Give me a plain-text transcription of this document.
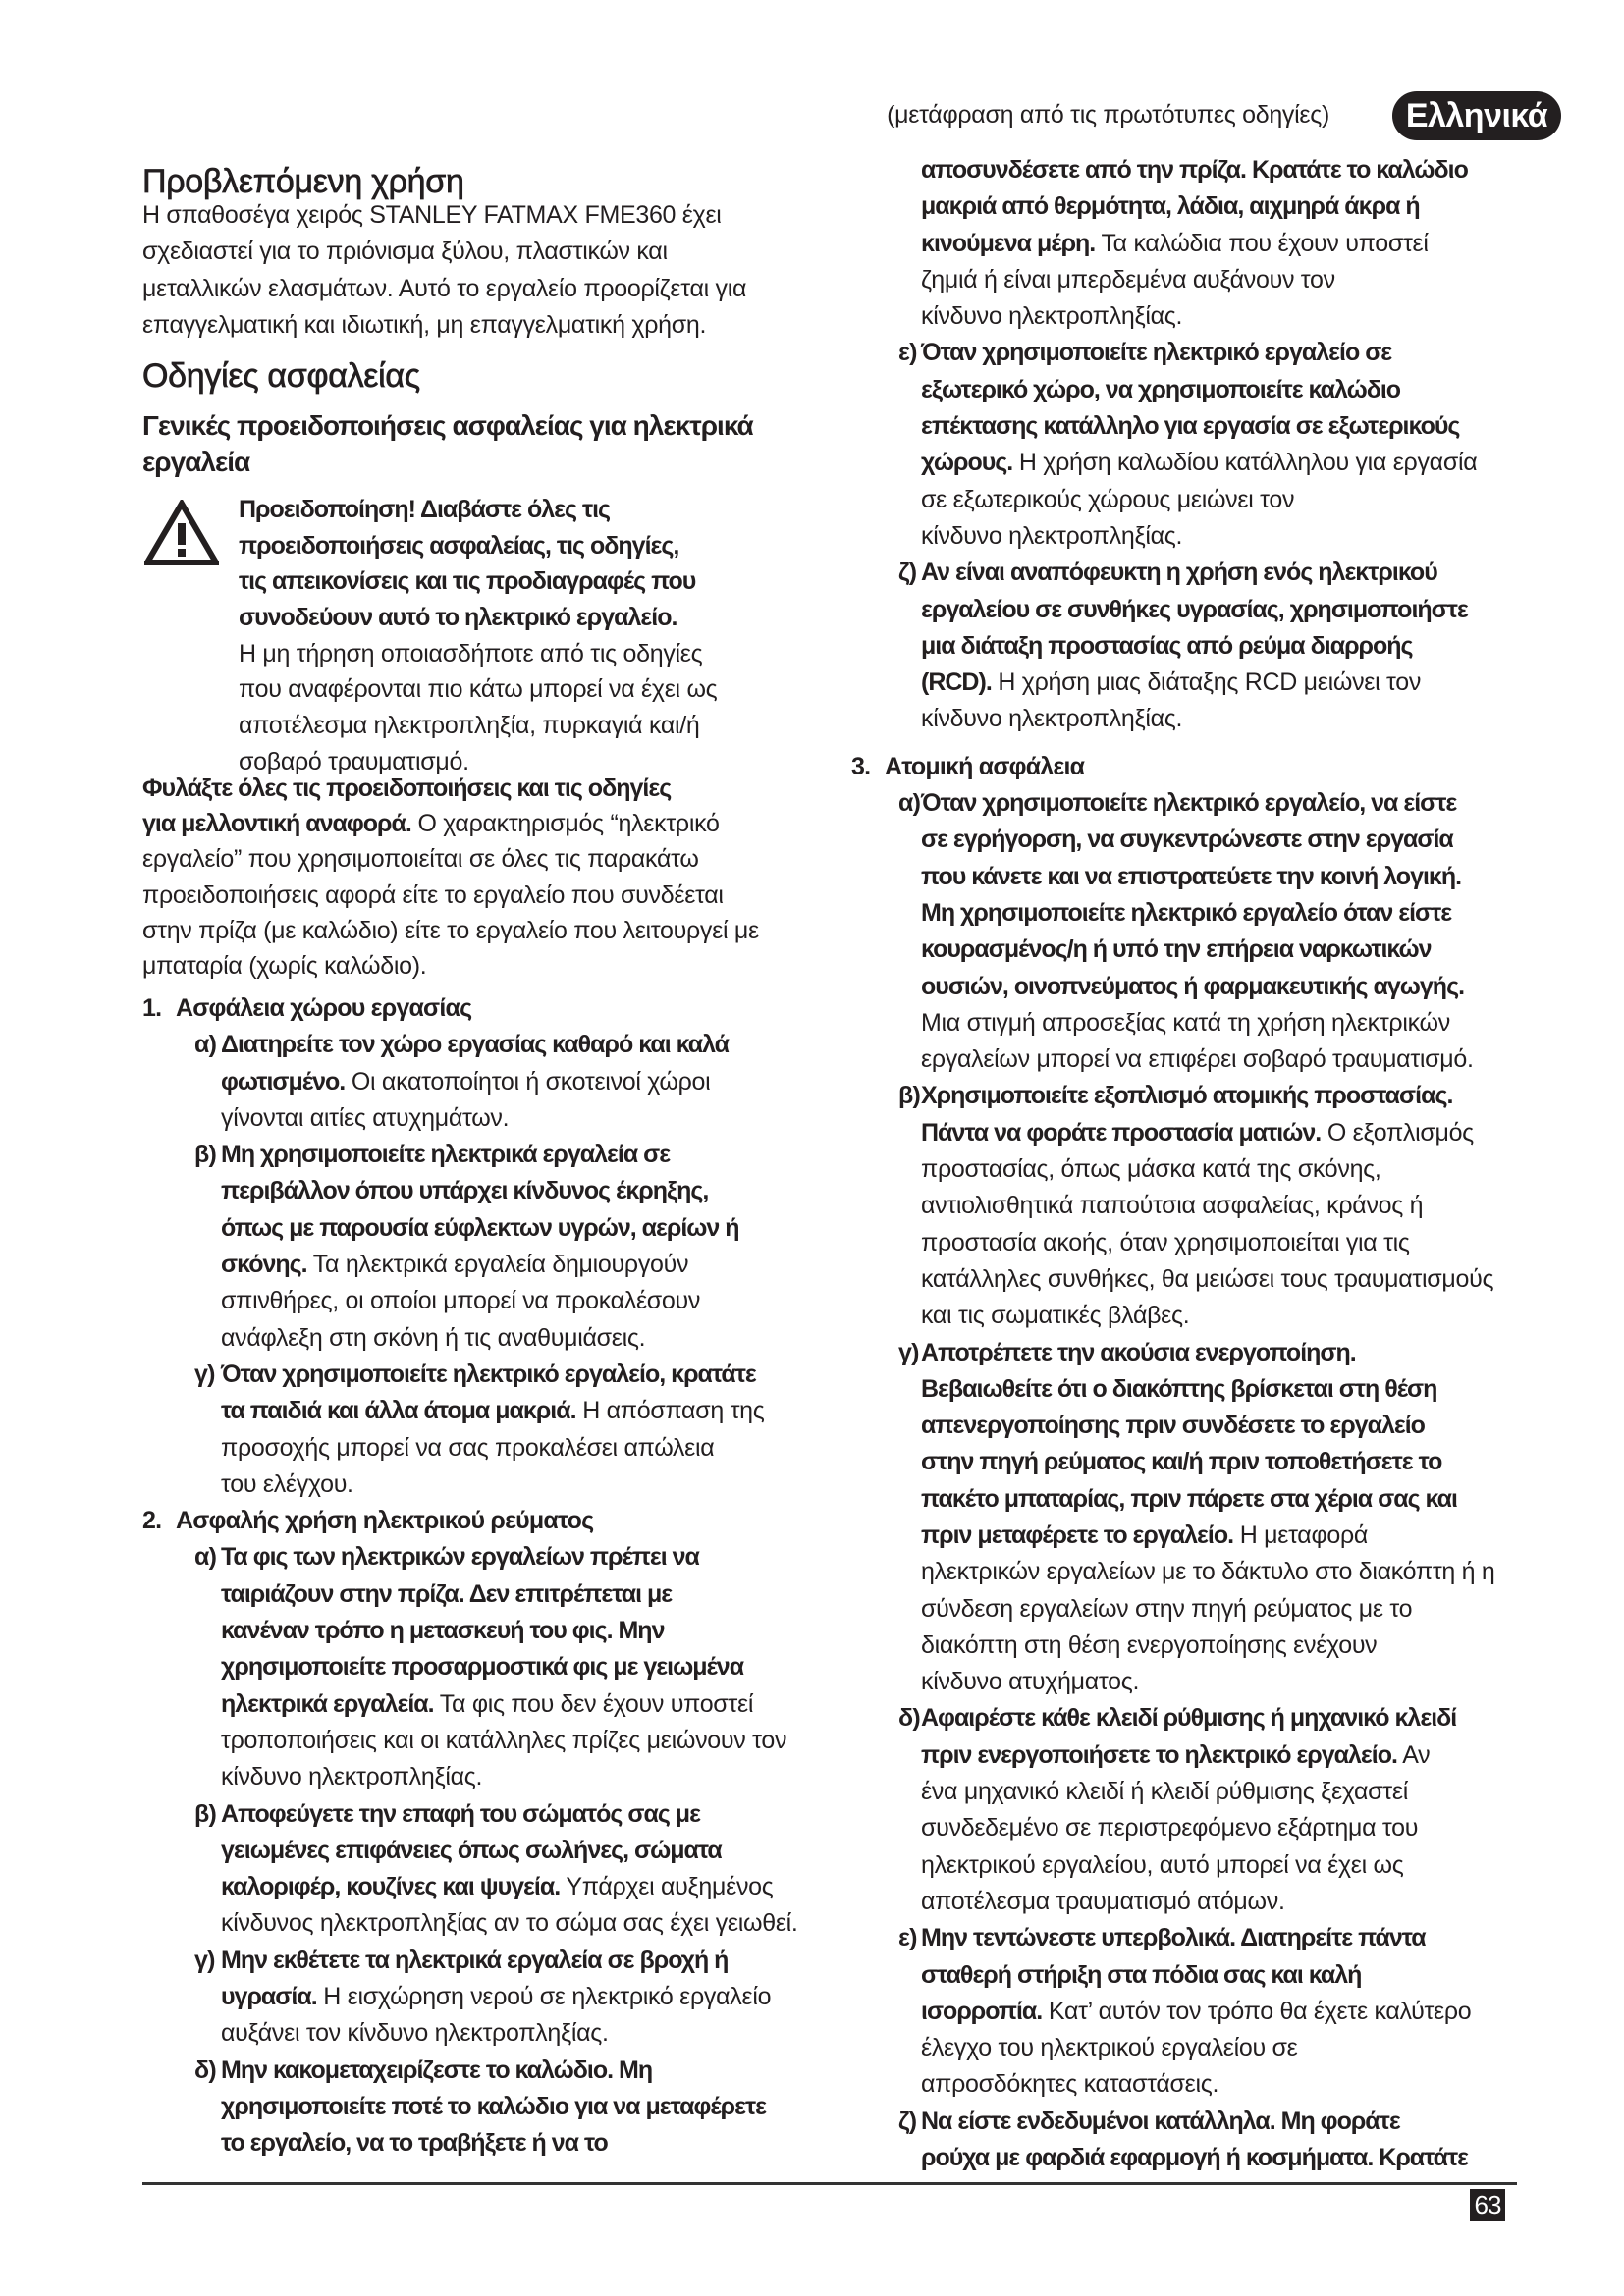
(μετάφραση από τις πρωτότυπες οδηγίες)	Ελληνικά
Προβλεπόμενη χρήση
Η σπαθοσέγα χειρός STANLEY FATMAX FME360 έχει
σχεδιαστεί για το πριόνισμα ξύλου, πλαστικών και
μεταλλικών ελασμάτων. Αυτό το εργαλείο προορίζεται για
επαγγελματική και ιδιωτική, μη επαγγελματική χρήση.
Οδηγίες ασφαλείας
Γενικές προειδοποιήσεις ασφαλείας για ηλεκτρικά
εργαλεία
Προειδοποίηση! Διαβάστε όλες τις
προειδοποιήσεις ασφαλείας, τις οδηγίες,
τις απεικονίσεις και τις προδιαγραφές που
συνοδεύουν αυτό το ηλεκτρικό εργαλείο.
Η μη τήρηση οποιασδήποτε από τις οδηγίες
που αναφέρονται πιο κάτω μπορεί να έχει ως
αποτέλεσμα ηλεκτροπληξία, πυρκαγιά και/ή
σοβαρό τραυματισμό.
Φυλάξτε όλες τις προειδοποιήσεις και τις οδηγίες
για μελλοντική αναφορά. Ο χαρακτηρισμός “ηλεκτρικό
εργαλείο” που χρησιμοποιείται σε όλες τις παρακάτω
προειδοποιήσεις αφορά είτε το εργαλείο που συνδέεται
στην πρίζα (με καλώδιο) είτε το εργαλείο που λειτουργεί με
μπαταρία (χωρίς καλώδιο).
1. Ασφάλεια χώρου εργασίας
α) Διατηρείτε τον χώρο εργασίας καθαρό και καλά
φωτισμένο. Οι ακατοποίητοι ή σκοτεινοί χώροι
γίνονται αιτίες ατυχημάτων.
β) Μη χρησιμοποιείτε ηλεκτρικά εργαλεία σε
περιβάλλον όπου υπάρχει κίνδυνος έκρηξης,
όπως με παρουσία εύφλεκτων υγρών, αερίων ή
σκόνης. Τα ηλεκτρικά εργαλεία δημιουργούν
σπινθήρες, οι οποίοι μπορεί να προκαλέσουν
ανάφλεξη στη σκόνη ή τις αναθυμιάσεις.
γ) Όταν χρησιμοποιείτε ηλεκτρικό εργαλείο, κρατάτε
τα παιδιά και άλλα άτομα μακριά. Η απόσπαση της
προσοχής μπορεί να σας προκαλέσει απώλεια
του ελέγχου.
2. Ασφαλής χρήση ηλεκτρικού ρεύματος
α) Τα φις των ηλεκτρικών εργαλείων πρέπει να
ταιριάζουν στην πρίζα. Δεν επιτρέπεται με
κανέναν τρόπο η μετασκευή του φις. Μην
χρησιμοποιείτε προσαρμοστικά φις με γειωμένα
ηλεκτρικά εργαλεία. Τα φις που δεν έχουν υποστεί
τροποποιήσεις και οι κατάλληλες πρίζες μειώνουν τον
κίνδυνο ηλεκτροπληξίας.
β) Αποφεύγετε την επαφή του σώματός σας με
γειωμένες επιφάνειες όπως σωλήνες, σώματα
καλοριφέρ, κουζίνες και ψυγεία. Υπάρχει αυξημένος
κίνδυνος ηλεκτροπληξίας αν το σώμα σας έχει γειωθεί.
γ) Μην εκθέτετε τα ηλεκτρικά εργαλεία σε βροχή ή
υγρασία. Η εισχώρηση νερού σε ηλεκτρικό εργαλείο
αυξάνει τον κίνδυνο ηλεκτροπληξίας.
δ) Μην κακομεταχειρίζεστε το καλώδιο. Μη
χρησιμοποιείτε ποτέ το καλώδιο για να μεταφέρετε
το εργαλείο, να το τραβήξετε ή να το
αποσυνδέσετε από την πρίζα. Κρατάτε το καλώδιο
μακριά από θερμότητα, λάδια, αιχμηρά άκρα ή
κινούμενα μέρη. Τα καλώδια που έχουν υποστεί
ζημιά ή είναι μπερδεμένα αυξάνουν τον
κίνδυνο ηλεκτροπληξίας.
ε) Όταν χρησιμοποιείτε ηλεκτρικό εργαλείο σε
εξωτερικό χώρο, να χρησιμοποιείτε καλώδιο
επέκτασης κατάλληλο για εργασία σε εξωτερικούς
χώρους. Η χρήση καλωδίου κατάλληλου για εργασία
σε εξωτερικούς χώρους μειώνει τον
κίνδυνο ηλεκτροπληξίας.
ζ) Αν είναι αναπόφευκτη η χρήση ενός ηλεκτρικού
εργαλείου σε συνθήκες υγρασίας, χρησιμοποιήστε
μια διάταξη προστασίας από ρεύμα διαρροής
(RCD). Η χρήση μιας διάταξης RCD μειώνει τον
κίνδυνο ηλεκτροπληξίας.
3. Ατομική ασφάλεια
α) Όταν χρησιμοποιείτε ηλεκτρικό εργαλείο, να είστε
σε εγρήγορση, να συγκεντρώνεστε στην εργασία
που κάνετε και να επιστρατεύετε την κοινή λογική.
Μη χρησιμοποιείτε ηλεκτρικό εργαλείο όταν είστε
κουρασμένος/η ή υπό την επήρεια ναρκωτικών
ουσιών, οινοπνεύματος ή φαρμακευτικής αγωγής.
Μια στιγμή απροσεξίας κατά τη χρήση ηλεκτρικών
εργαλείων μπορεί να επιφέρει σοβαρό τραυματισμό.
β) Χρησιμοποιείτε εξοπλισμό ατομικής προστασίας.
Πάντα να φοράτε προστασία ματιών. Ο εξοπλισμός
προστασίας, όπως μάσκα κατά της σκόνης,
αντιολισθητικά παπούτσια ασφαλείας, κράνος ή
προστασία ακοής, όταν χρησιμοποιείται για τις
κατάλληλες συνθήκες, θα μειώσει τους τραυματισμούς
και τις σωματικές βλάβες.
γ) Αποτρέπετε την ακούσια ενεργοποίηση.
Βεβαιωθείτε ότι ο διακόπτης βρίσκεται στη θέση
απενεργοποίησης πριν συνδέσετε το εργαλείο
στην πηγή ρεύματος και/ή πριν τοποθετήσετε το
πακέτο μπαταρίας, πριν πάρετε στα χέρια σας και
πριν μεταφέρετε το εργαλείο. Η μεταφορά
ηλεκτρικών εργαλείων με το δάκτυλο στο διακόπτη ή η
σύνδεση εργαλείων στην πηγή ρεύματος με το
διακόπτη στη θέση ενεργοποίησης ενέχουν
κίνδυνο ατυχήματος.
δ) Αφαιρέστε κάθε κλειδί ρύθμισης ή μηχανικό κλειδί
πριν ενεργοποιήσετε το ηλεκτρικό εργαλείο. Αν
ένα μηχανικό κλειδί ή κλειδί ρύθμισης ξεχαστεί
συνδεδεμένο σε περιστρεφόμενο εξάρτημα του
ηλεκτρικού εργαλείου, αυτό μπορεί να έχει ως
αποτέλεσμα τραυματισμό ατόμων.
ε) Μην τεντώνεστε υπερβολικά. Διατηρείτε πάντα
σταθερή στήριξη στα πόδια σας και καλή
ισορροπία. Κατ’ αυτόν τον τρόπο θα έχετε καλύτερο
έλεγχο του ηλεκτρικού εργαλείου σε
απροσδόκητες καταστάσεις.
ζ) Να είστε ενδεδυμένοι κατάλληλα. Μη φοράτε
ρούχα με φαρδιά εφαρμογή ή κοσμήματα. Κρατάτε
63
